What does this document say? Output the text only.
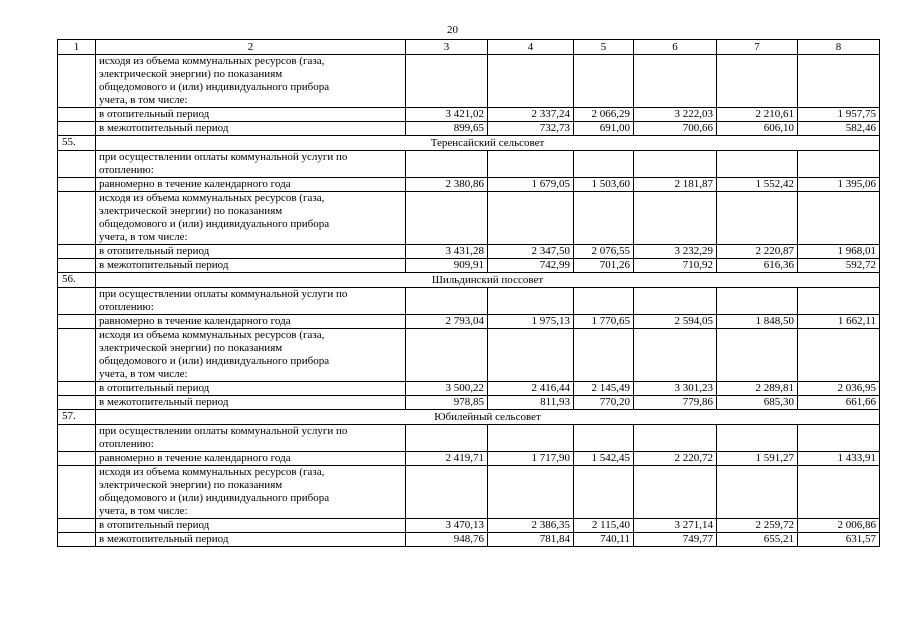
20
1	2	3	4	5	6	7	8

	исходя из объема коммунальных ресурсов (газа,
электрической энергии) по показаниям
общедомового и (или) индивидуального прибора
учета, в том числе:						

	в отопительный период	3 421,02	2 337,24	2 066,29	3 222,03	2 210,61	1 957,75
	в межотопительный период	899,65	732,73	691,00	700,66	606,10	582,46
55.	Теренсайский сельсовет						

	при осуществлении оплаты коммунальной услуги по
отоплению:						

	равномерно в течение календарного года	2 380,86	1 679,05	1 503,60	2 181,87	1 552,42	1 395,06

	исходя из объема коммунальных ресурсов (газа,
электрической энергии) по показаниям
общедомового и (или) индивидуального прибора
учета, в том числе:						

	в отопительный период	3 431,28	2 347,50	2 076,55	3 232,29	2 220,87	1 968,01
	в межотопительный период	909,91	742,99	701,26	710,92	616,36	592,72
56.	Шильдинский поссовет						

	при осуществлении оплаты коммунальной услуги по
отоплению:						

	равномерно в течение календарного года	2 793,04	1 975,13	1 770,65	2 594,05	1 848,50	1 662,11

	исходя из объема коммунальных ресурсов (газа,
электрической энергии) по показаниям
общедомового и (или) индивидуального прибора
учета, в том числе:						

	в отопительный период	3 500,22	2 416,44	2 145,49	3 301,23	2 289,81	2 036,95
	в межотопительный период	978,85	811,93	770,20	779,86	685,30	661,66
57.	Юбилейный сельсовет						

	при осуществлении оплаты коммунальной услуги по
отоплению:						

	равномерно в течение календарного года	2 419,71	1 717,90	1 542,45	2 220,72	1 591,27	1 433,91

	исходя из объема коммунальных ресурсов (газа,
электрической энергии) по показаниям
общедомового и (или) индивидуального прибора
учета, в том числе:						

	в отопительный период	3 470,13	2 386,35	2 115,40	3 271,14	2 259,72	2 006,86
	в межотопительный период	948,76	781,84	740,11	749,77	655,21	631,57
